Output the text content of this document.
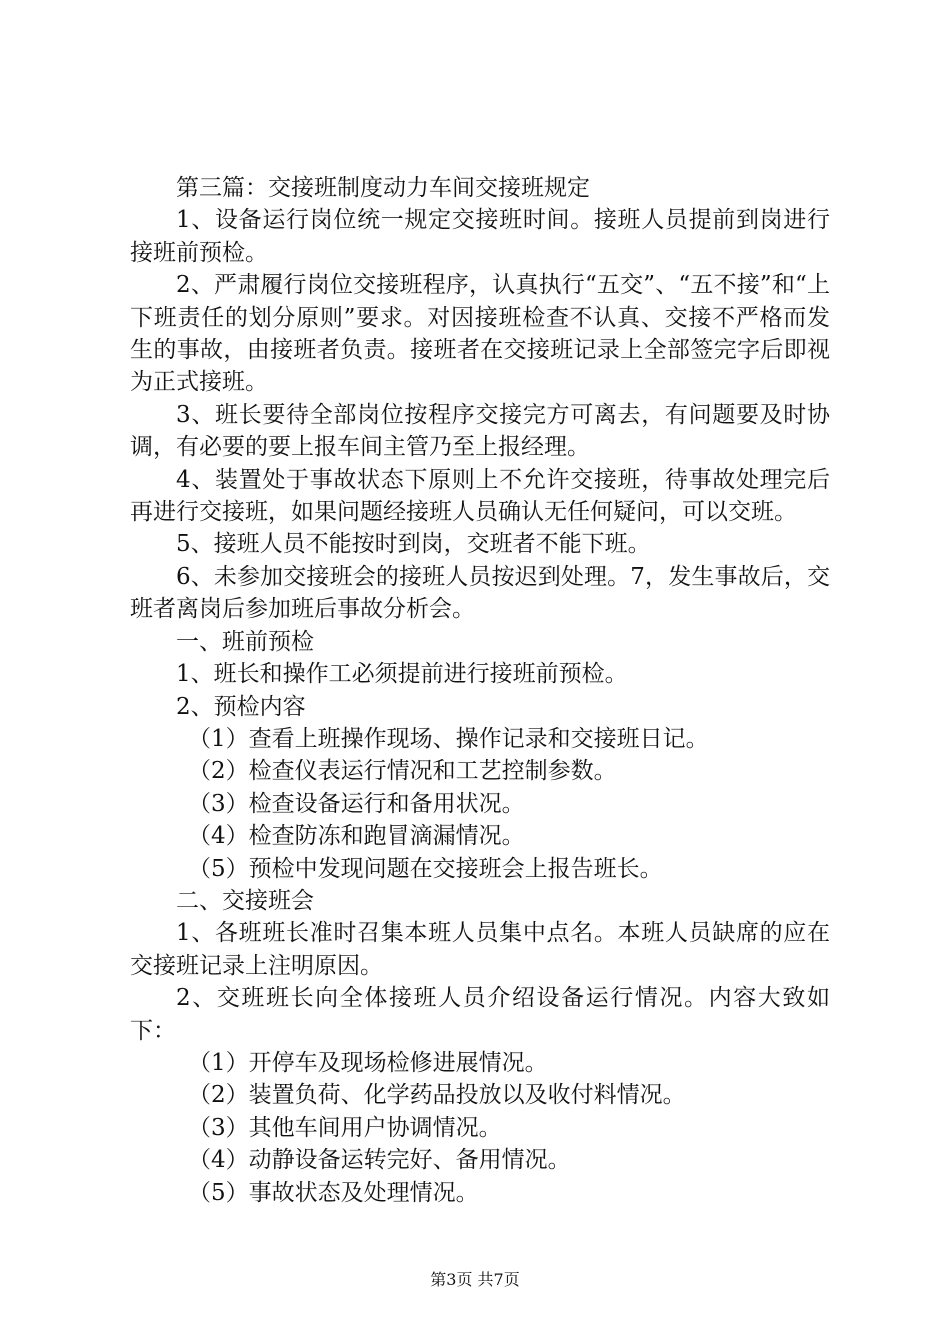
第三篇：交接班制度动力车间交接班规定

1、设备运行岗位统一规定交接班时间。接班人员提前到岗进行接班前预检。

2、严肃履行岗位交接班程序，认真执行“五交”、“五不接”和“上下班责任的划分原则”要求。对因接班检查不认真、交接不严格而发生的事故，由接班者负责。接班者在交接班记录上全部签完字后即视为正式接班。

3、班长要待全部岗位按程序交接完方可离去，有问题要及时协调，有必要的要上报车间主管乃至上报经理。

4、装置处于事故状态下原则上不允许交接班，待事故处理完后再进行交接班，如果问题经接班人员确认无任何疑问，可以交班。

5、接班人员不能按时到岗，交班者不能下班。

6、未参加交接班会的接班人员按迟到处理。7，发生事故后，交班者离岗后参加班后事故分析会。

一、班前预检

1、班长和操作工必须提前进行接班前预检。

2、预检内容

（1）查看上班操作现场、操作记录和交接班日记。

（2）检查仪表运行情况和工艺控制参数。

（3）检查设备运行和备用状况。

（4）检查防冻和跑冒滴漏情况。

（5）预检中发现问题在交接班会上报告班长。

二、交接班会

1、各班班长准时召集本班人员集中点名。本班人员缺席的应在交接班记录上注明原因。

2、交班班长向全体接班人员介绍设备运行情况。内容大致如下：

（1）开停车及现场检修进展情况。

（2）装置负荷、化学药品投放以及收付料情况。

（3）其他车间用户协调情况。

（4）动静设备运转完好、备用情况。

（5）事故状态及处理情况。

第3页 共7页
